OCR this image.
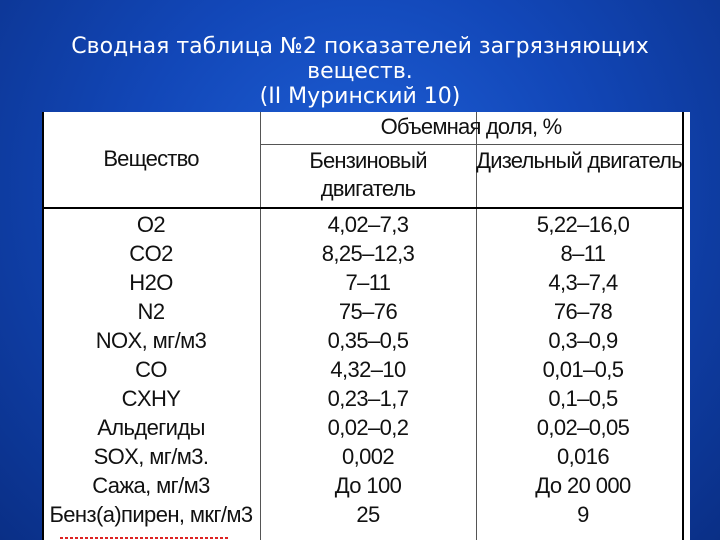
Сводная таблица №2 показателей загрязняющих
веществ.
(II Муринский 10)
Вещество
Объемная доля, %
Бензиновый
двигатель
Дизельный двигатель
O2	4,02–7,3	5,22–16,0
CO2	8,25–12,3	8–11
H2O	7–11	4,3–7,4
N2	75–76	76–78
NOX, мг/м3	0,35–0,5	0,3–0,9
CO	4,32–10	0,01–0,5
CXHY	0,23–1,7	0,1–0,5
Альдегиды	0,02–0,2	0,02–0,05
SOX, мг/м3.	0,002	0,016
Сажа, мг/м3	До 100	До 20 000
Бенз(а)пирен, мкг/м3	25	9
